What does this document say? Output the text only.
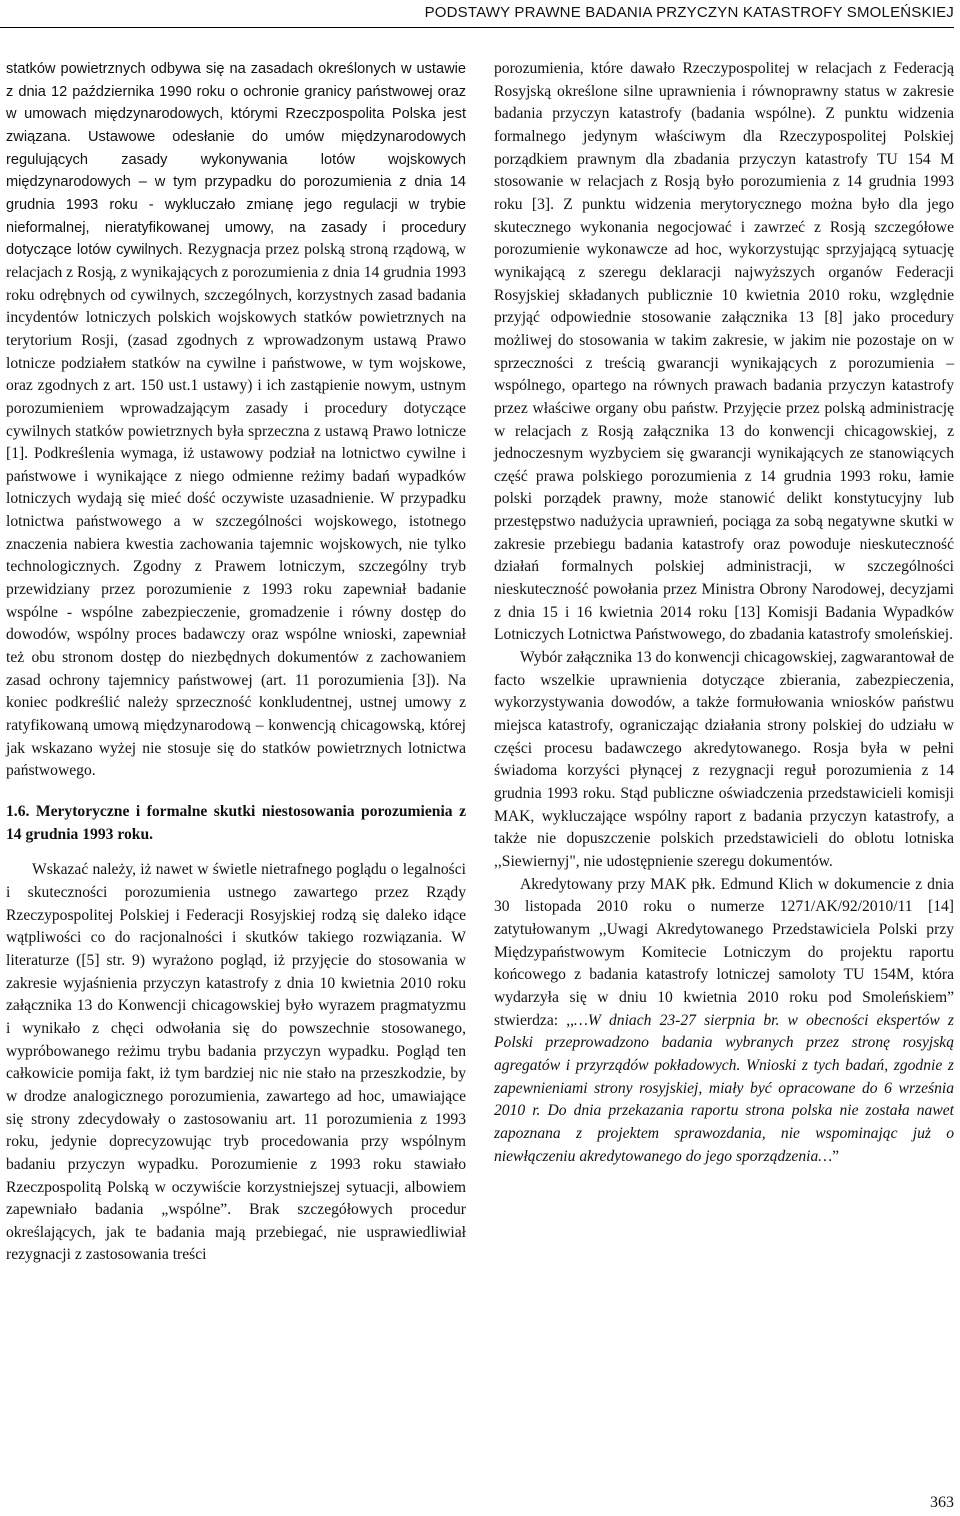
PODSTAWY PRAWNE BADANIA PRZYCZYN KATASTROFY SMOLEŃSKIEJ

statków powietrznych odbywa się na zasadach określonych w ustawie z dnia 12 października 1990 roku o ochronie granicy państwowej oraz w umowach międzynarodowych, którymi Rzeczpospolita Polska jest związana. Ustawowe odesłanie do umów międzynarodowych regulujących zasady wykonywania lotów wojskowych międzynarodowych – w tym przypadku do porozumienia z dnia 14 grudnia 1993 roku - wykluczało zmianę jego regulacji w trybie nieformalnej, nieratyfikowanej umowy, na zasady i procedury dotyczące lotów cywilnych. Rezygnacja przez polską stroną rządową, w relacjach z Rosją, z wynikających z porozumienia z dnia 14 grudnia 1993 roku odrębnych od cywilnych, szczególnych, korzystnych zasad badania incydentów lotniczych polskich wojskowych statków powietrznych na terytorium Rosji, (zasad zgodnych z wprowadzonym ustawą Prawo lotnicze podziałem statków na cywilne i państwowe, w tym wojskowe, oraz zgodnych z art. 150 ust.1 ustawy) i ich zastąpienie nowym, ustnym porozumieniem wprowadzającym zasady i procedury dotyczące cywilnych statków powietrznych była sprzeczna z ustawą Prawo lotnicze [1]. Podkreślenia wymaga, iż ustawowy podział na lotnictwo cywilne i państwowe i wynikające z niego odmienne reżimy badań wypadków lotniczych wydają się mieć dość oczywiste uzasadnienie. W przypadku lotnictwa państwowego a w szczególności wojskowego, istotnego znaczenia nabiera kwestia zachowania tajemnic wojskowych, nie tylko technologicznych. Zgodny z Prawem lotniczym, szczególny tryb przewidziany przez porozumienie z 1993 roku zapewniał badanie wspólne - wspólne zabezpieczenie, gromadzenie i równy dostęp do dowodów, wspólny proces badawczy oraz wspólne wnioski, zapewniał też obu stronom dostęp do niezbędnych dokumentów z zachowaniem zasad ochrony tajemnicy państwowej (art. 11 porozumienia [3]). Na koniec podkreślić należy sprzeczność konkludentnej, ustnej umowy z ratyfikowaną umową międzynarodową – konwencją chicagowską, której jak wskazano wyżej nie stosuje się do statków powietrznych lotnictwa państwowego.

1.6. Merytoryczne i formalne skutki niestosowania porozumienia z 14 grudnia 1993 roku.

Wskazać należy, iż nawet w świetle nietrafnego poglądu o legalności i skuteczności porozumienia ustnego zawartego przez Rządy Rzeczypospolitej Polskiej i Federacji Rosyjskiej rodzą się daleko idące wątpliwości co do racjonalności i skutków takiego rozwiązania. W literaturze ([5] str. 9) wyrażono pogląd, iż przyjęcie do stosowania w zakresie wyjaśnienia przyczyn katastrofy z dnia 10 kwietnia 2010 roku załącznika 13 do Konwencji chicagowskiej było wyrazem pragmatyzmu i wynikało z chęci odwołania się do powszechnie stosowanego, wypróbowanego reżimu trybu badania przyczyn wypadku. Pogląd ten całkowicie pomija fakt, iż tym bardziej nic nie stało na przeszkodzie, by w drodze analogicznego porozumienia, zawartego ad hoc, umawiające się strony zdecydowały o zastosowaniu art. 11 porozumienia z 1993 roku, jedynie doprecyzowując tryb procedowania przy wspólnym badaniu przyczyn wypadku. Porozumienie z 1993 roku stawiało Rzeczpospolitą Polską w oczywiście korzystniejszej sytuacji, albowiem zapewniało badania „wspólne”. Brak szczegółowych procedur określających, jak te badania mają przebiegać, nie usprawiedliwiał rezygnacji z zastosowania treści

porozumienia, które dawało Rzeczypospolitej w relacjach z Federacją Rosyjską określone silne uprawnienia i równoprawny status w zakresie badania przyczyn katastrofy (badania wspólne). Z punktu widzenia formalnego jedynym właściwym dla Rzeczypospolitej Polskiej porządkiem prawnym dla zbadania przyczyn katastrofy TU 154 M stosowanie w relacjach z Rosją było porozumienia z 14 grudnia 1993 roku [3]. Z punktu widzenia merytorycznego można było dla jego skutecznego wykonania negocjować i zawrzeć z Rosją szczegółowe porozumienie wykonawcze ad hoc, wykorzystując sprzyjającą sytuację wynikającą z szeregu deklaracji najwyższych organów Federacji Rosyjskiej składanych publicznie 10 kwietnia 2010 roku, względnie przyjąć odpowiednie stosowanie załącznika 13 [8] jako procedury możliwej do stosowania w takim zakresie, w jakim nie pozostaje on w sprzeczności z treścią gwarancji wynikających z porozumienia – wspólnego, opartego na równych prawach badania przyczyn katastrofy przez właściwe organy obu państw. Przyjęcie przez polską administrację w relacjach z Rosją załącznika 13 do konwencji chicagowskiej, z jednoczesnym wyzbyciem się gwarancji wynikających ze stanowiących część prawa polskiego porozumienia z 14 grudnia 1993 roku, łamie polski porządek prawny, może stanowić delikt konstytucyjny lub przestępstwo nadużycia uprawnień, pociąga za sobą negatywne skutki w zakresie przebiegu badania katastrofy oraz powoduje nieskuteczność działań formalnych polskiej administracji, w szczególności nieskuteczność powołania przez Ministra Obrony Narodowej, decyzjami z dnia 15 i 16 kwietnia 2014 roku [13] Komisji Badania Wypadków Lotniczych Lotnictwa Państwowego, do zbadania katastrofy smoleńskiej.

Wybór załącznika 13 do konwencji chicagowskiej, zagwarantował de facto wszelkie uprawnienia dotyczące zbierania, zabezpieczenia, wykorzystywania dowodów, a także formułowania wniosków państwu miejsca katastrofy, ograniczając działania strony polskiej do udziału w części procesu badawczego akredytowanego. Rosja była w pełni świadoma korzyści płynącej z rezygnacji reguł porozumienia z 14 grudnia 1993 roku. Stąd publiczne oświadczenia przedstawicieli komisji MAK, wykluczające wspólny raport z badania przyczyn katastrofy, a także nie dopuszczenie polskich przedstawicieli do oblotu lotniska ,,Siewiernyj", nie udostępnienie szeregu dokumentów.

Akredytowany przy MAK płk. Edmund Klich w dokumencie z dnia 30 listopada 2010 roku o numerze 1271/AK/92/2010/11 [14] zatytułowanym ,,Uwagi Akredytowanego Przedstawiciela Polski przy Międzypaństwowym Komitecie Lotniczym do projektu raportu końcowego z badania katastrofy lotniczej samoloty TU 154M, która wydarzyła się w dniu 10 kwietnia 2010 roku pod Smoleńskiem” stwierdza: ,,…W dniach 23-27 sierpnia br. w obecności ekspertów z Polski przeprowadzono badania wybranych przez stronę rosyjską agregatów i przyrządów pokładowych. Wnioski z tych badań, zgodnie z zapewnieniami strony rosyjskiej, miały być opracowane do 6 września 2010 r. Do dnia przekazania raportu strona polska nie została nawet zapoznana z projektem sprawozdania, nie wspominając już o niewłączeniu akredytowanego do jego sporządzenia…”

363
